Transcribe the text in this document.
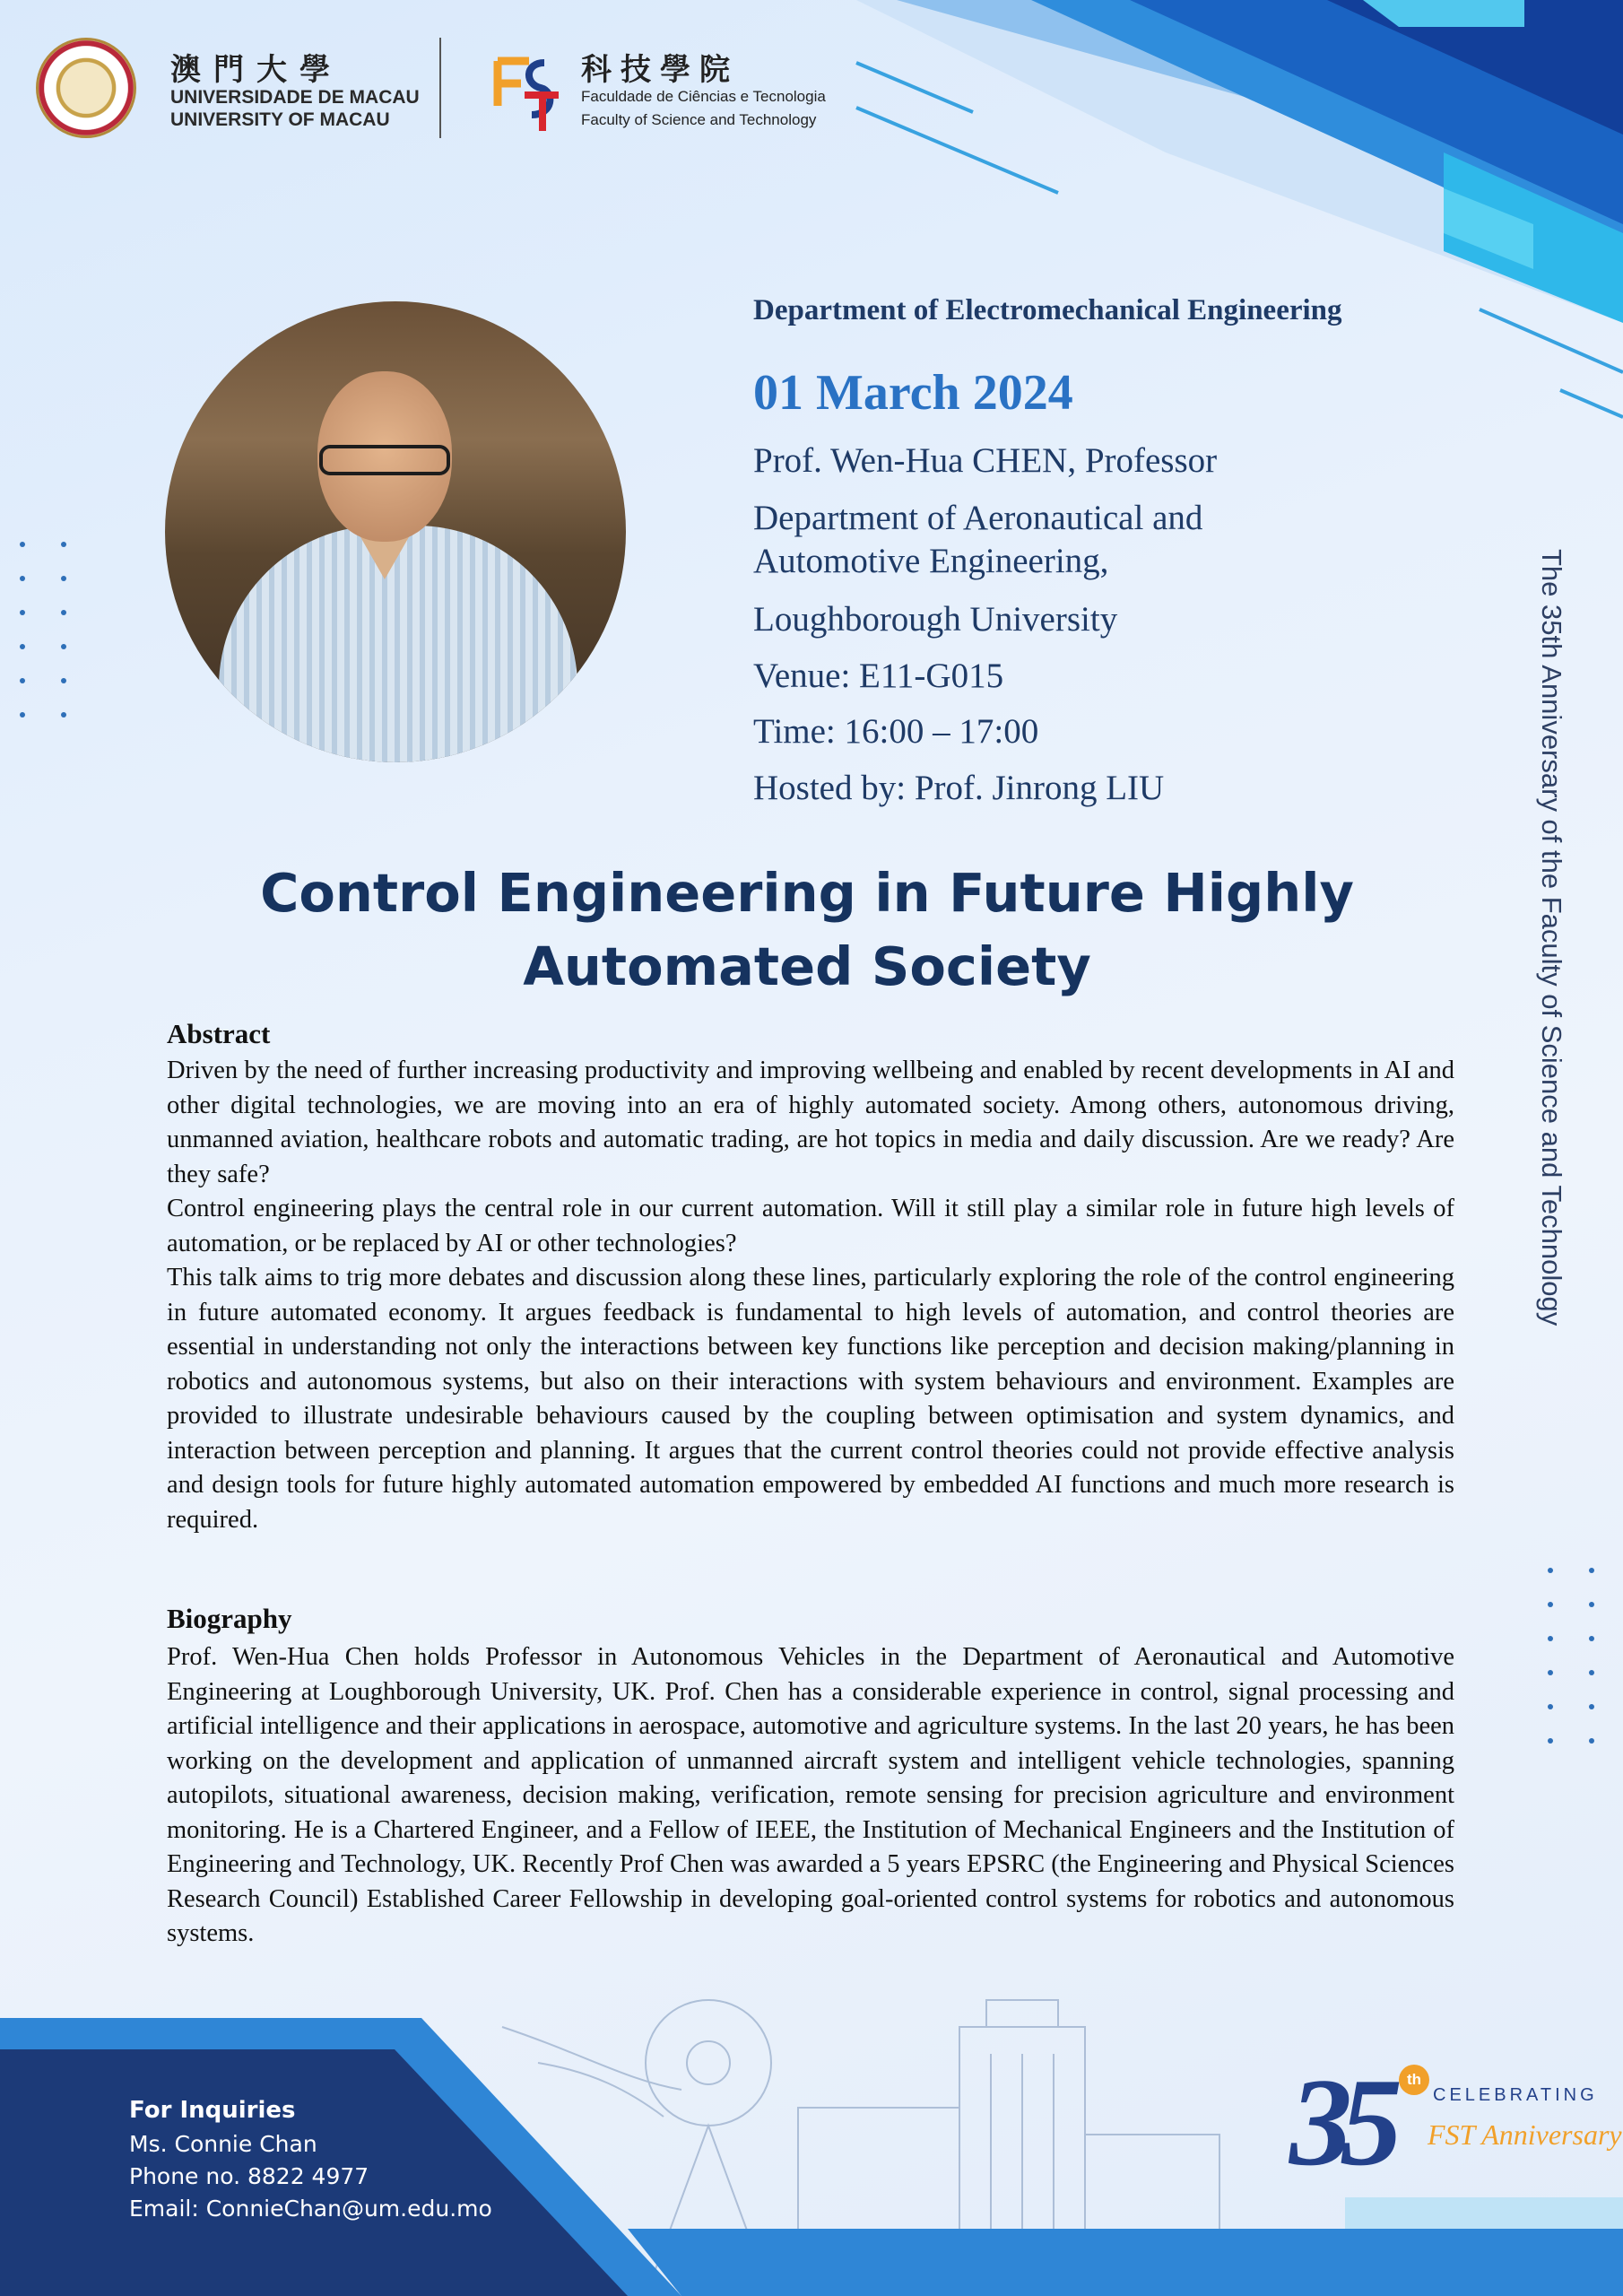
澳門大學
UNIVERSIDADE DE MACAU
UNIVERSITY OF MACAU
科技學院
Faculdade de Ciências e Tecnologia
Faculty of Science and Technology
Department of Electromechanical Engineering
01 March 2024
Prof. Wen-Hua CHEN, Professor
Department of Aeronautical and
Automotive Engineering,
Loughborough University
Venue: E11-G015
Time: 16:00 – 17:00
Hosted by: Prof. Jinrong LIU	The 35th Anniversary of the Faculty of Science and Technology
Control Engineering in Future Highly
Automated Society
Abstract

Driven by the need of further increasing productivity and improving wellbeing and enabled by recent developments in AI and other digital technologies, we are moving into an era of highly automated society. Among others, autonomous driving, unmanned aviation, healthcare robots and automatic trading, are hot topics in media and daily discussion. Are we ready? Are they safe?

Control engineering plays the central role in our current automation. Will it still play a similar role in future high levels of automation, or be replaced by AI or other technologies?

This talk aims to trig more debates and discussion along these lines, particularly exploring the role of the control engineering in future automated economy. It argues feedback is fundamental to high levels of automation, and control theories are essential in understanding not only the interactions between key functions like perception and decision making/planning in robotics and autonomous systems, but also on their interactions with system behaviours and environment. Examples are provided to illustrate undesirable behaviours caused by the coupling between optimisation and system dynamics, and interaction between perception and planning. It argues that the current control theories could not provide effective analysis and design tools for future highly automated automation empowered by embedded AI functions and much more research is required.

Biography

Prof. Wen-Hua Chen holds Professor in Autonomous Vehicles in the Department of Aeronautical and Automotive Engineering at Loughborough University, UK. Prof. Chen has a considerable experience in control, signal processing and artificial intelligence and their applications in aerospace, automotive and agriculture systems. In the last 20 years, he has been working on the development and application of unmanned aircraft system and intelligent vehicle technologies, spanning autopilots, situational awareness, decision making, verification, remote sensing for precision agriculture and environment monitoring. He is a Chartered Engineer, and a Fellow of IEEE, the Institution of Mechanical Engineers and the Institution of Engineering and Technology, UK. Recently Prof Chen was awarded a 5 years EPSRC (the Engineering and Physical Sciences Research Council) Established Career Fellowship in developing goal-oriented control systems for robotics and autonomous systems.

For Inquiries
Ms. Connie Chan
Phone no. 8822 4977
Email: ConnieChan@um.edu.mo
35	th
CELEBRATING
FST Anniversary
